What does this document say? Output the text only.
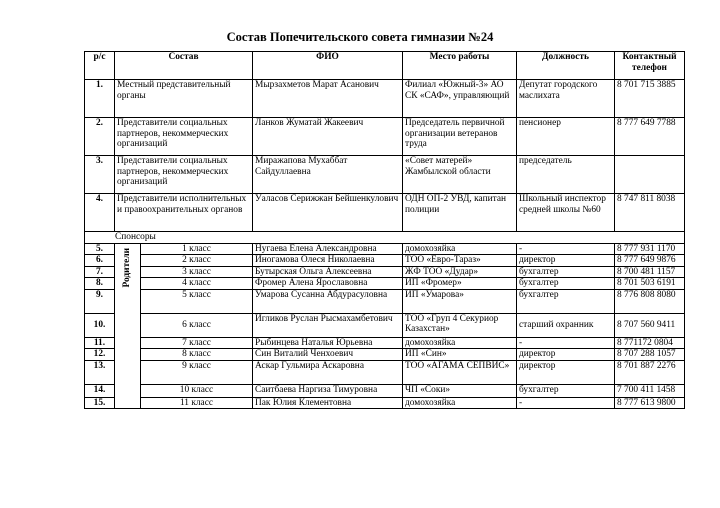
Состав Попечительского совета гимназии №24
р/с	Состав		ФИО	Место работы	Должность	Контактный телефон
1.	Местный представительный органы		Мырзахметов Марат Асанович	Филиал «Южный-3» АО СК «САФ», управляющий	Депутат городского маслихата	8 701 715 3885
2.	Представители социальных партнеров, некоммерческих организаций		Ланков Жуматай Жакеевич	Председатель первичной организации ветеранов труда	пенсионер	8 777 649 7788
3.	Представители социальных партнеров, некоммерческих организаций		Миражапова Мухаббат Сайдуллаевна	«Совет матерей» Жамбылской области	председатель	
4.	Представители исполнительных и правоохранительных органов		Уаласов Серижжан Бейшенкулович	ОДН ОП-2 УВД, капитан полиции	Школьный инспектор средней школы №60	8 747 811 8038
Спонсоры						
5.	Родители	1 класс	Нугаева Елена Александровна	домохозяйка	-	8 777 931 1170
6.		2 класс	Иногамова Олеся Николаевна	ТОО «Евро-Тараз»	директор	8 777 649 9876
7.		3 класс	Бутырская Ольга Алексеевна	ЖФ ТОО «Дудар»	бухгалтер	8 700 481 1157
8.		4 класс	Фромер Алена Ярославовна	ИП «Фромер»	бухгалтер	8 701 503 6191
9.		5 класс	Умарова Сусанна Абдурасуловна	ИП «Умарова»	бухгалтер	8 776 808 8080
10.		6 класс	Игликов Руслан Рысмахамбетович	ТОО «Груп 4 Секуриор Казахстан»	старший охранник	8 707 560 9411
11.		7 класс	Рыбинцева Наталья Юрьевна	домохозяйка	-	8 771172 0804
12.		8 класс	Син Виталий Ченхоевич	ИП «Син»	директор	8 707 288 1057
13.		9 класс	Аскар Гульмира Аскаровна	ТОО «АГАМА СЕПВИС»	директор	8 701 887 2276
14.		10 класс	Саитбаева Наргиза Тимуровна	ЧП «Соки»	бухгалтер	7 700 411 1458
15.		11 класс	Пак Юлия Клементовна	домохозяйка	-	8 777 613 9800
